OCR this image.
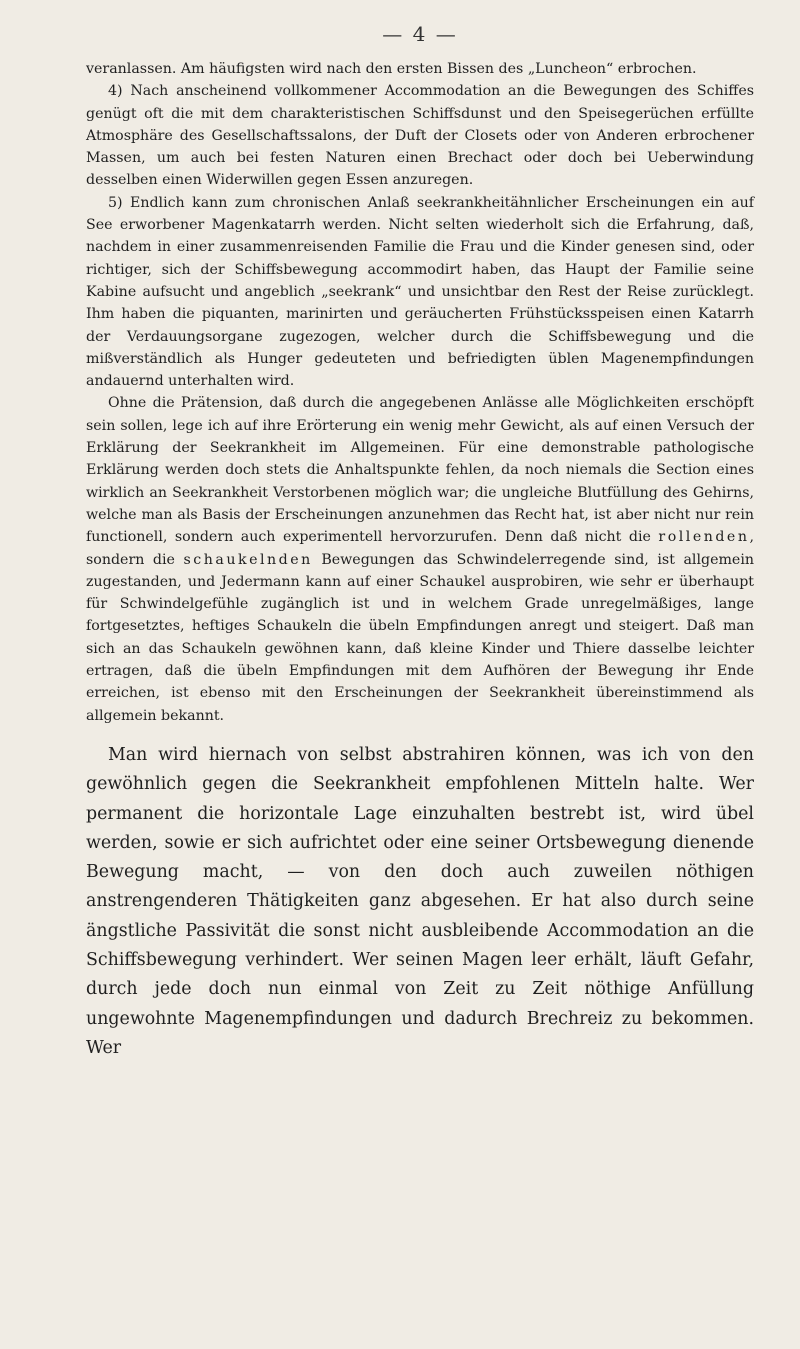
— 4 —

veranlassen. Am häufigsten wird nach den ersten Bissen des „Luncheon“ erbrochen.

4) Nach anscheinend vollkommener Accommodation an die Bewegungen des Schiffes genügt oft die mit dem charakteristischen Schiffsdunst und den Speisegerüchen erfüllte Atmosphäre des Gesellschaftssalons, der Duft der Closets oder von Anderen erbrochener Massen, um auch bei festen Naturen einen Brechact oder doch bei Ueberwindung desselben einen Widerwillen gegen Essen anzuregen.

5) Endlich kann zum chronischen Anlaß seekrankheitähnlicher Erscheinungen ein auf See erworbener Magenkatarrh werden. Nicht selten wiederholt sich die Erfahrung, daß, nachdem in einer zusammenreisenden Familie die Frau und die Kinder genesen sind, oder richtiger, sich der Schiffsbewegung accommodirt haben, das Haupt der Familie seine Kabine aufsucht und angeblich „seekrank“ und unsichtbar den Rest der Reise zurücklegt. Ihm haben die piquanten, marinirten und geräucherten Frühstücksspeisen einen Katarrh der Verdauungsorgane zugezogen, welcher durch die Schiffsbewegung und die mißverständlich als Hunger gedeuteten und befriedigten üblen Magenempfindungen andauernd unterhalten wird.

Ohne die Prätension, daß durch die angegebenen Anlässe alle Möglichkeiten erschöpft sein sollen, lege ich auf ihre Erörterung ein wenig mehr Gewicht, als auf einen Versuch der Erklärung der Seekrankheit im Allgemeinen. Für eine demonstrable pathologische Erklärung werden doch stets die Anhaltspunkte fehlen, da noch niemals die Section eines wirklich an Seekrankheit Verstorbenen möglich war; die ungleiche Blutfüllung des Gehirns, welche man als Basis der Erscheinungen anzunehmen das Recht hat, ist aber nicht nur rein functionell, sondern auch experimentell hervorzurufen. Denn daß nicht die rollenden, sondern die schaukelnden Bewegungen das Schwindelerregende sind, ist allgemein zugestanden, und Jedermann kann auf einer Schaukel ausprobiren, wie sehr er überhaupt für Schwindelgefühle zugänglich ist und in welchem Grade unregelmäßiges, lange fortgesetztes, heftiges Schaukeln die übeln Empfindungen anregt und steigert. Daß man sich an das Schaukeln gewöhnen kann, daß kleine Kinder und Thiere dasselbe leichter ertragen, daß die übeln Empfindungen mit dem Aufhören der Bewegung ihr Ende erreichen, ist ebenso mit den Erscheinungen der Seekrankheit übereinstimmend als allgemein bekannt.

Man wird hiernach von selbst abstrahiren können, was ich von den gewöhnlich gegen die Seekrankheit empfohlenen Mitteln halte. Wer permanent die horizontale Lage einzuhalten bestrebt ist, wird übel werden, sowie er sich aufrichtet oder eine seiner Ortsbewegung dienende Bewegung macht, — von den doch auch zuweilen nöthigen anstrengenderen Thätigkeiten ganz abgesehen. Er hat also durch seine ängstliche Passivität die sonst nicht ausbleibende Accommodation an die Schiffsbewegung verhindert. Wer seinen Magen leer erhält, läuft Gefahr, durch jede doch nun einmal von Zeit zu Zeit nöthige Anfüllung ungewohnte Magenempfindungen und dadurch Brechreiz zu bekommen. Wer
